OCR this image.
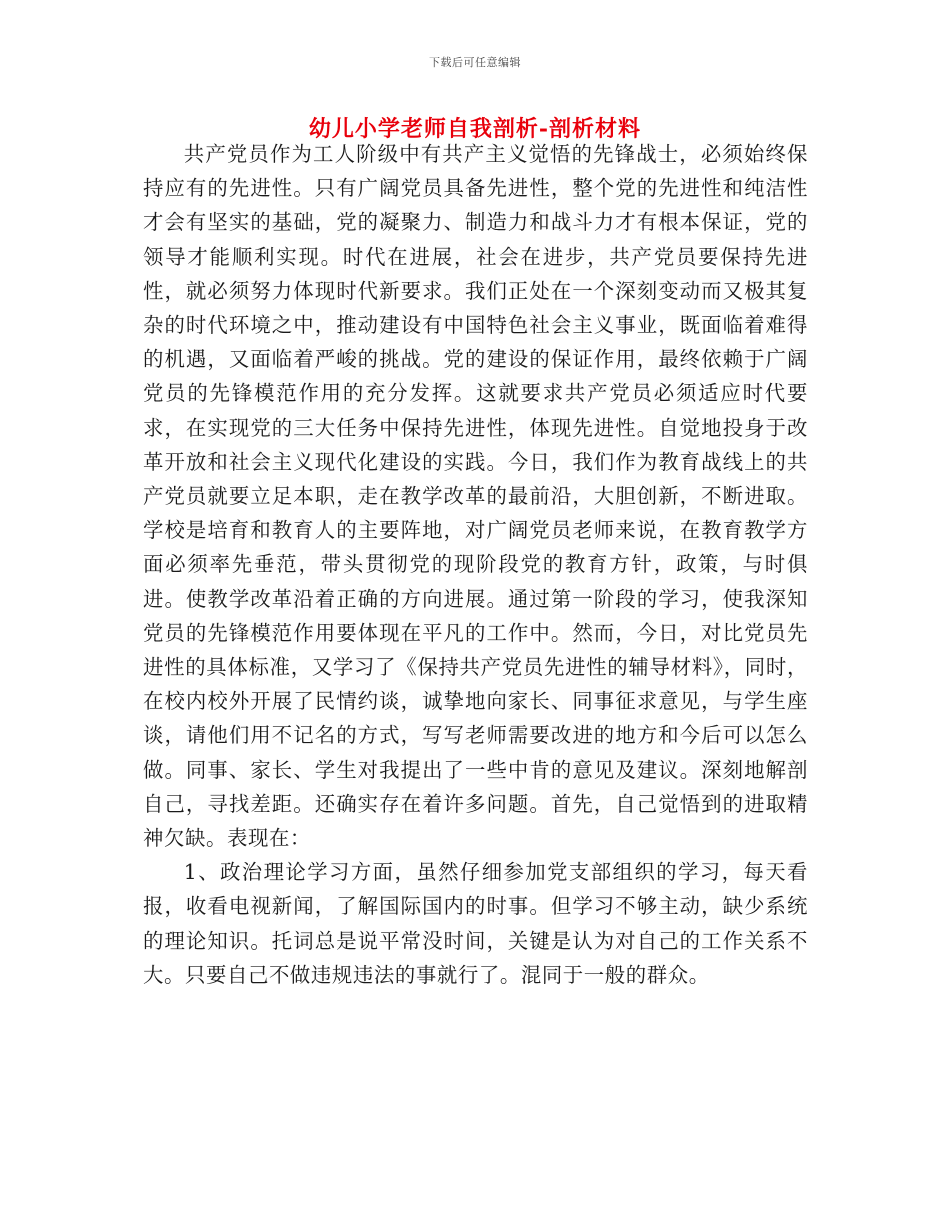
下载后可任意编辑
幼儿小学老师自我剖析-剖析材料

共产党员作为工人阶级中有共产主义觉悟的先锋战士，必须始终保持应有的先进性。只有广阔党员具备先进性，整个党的先进性和纯洁性才会有坚实的基础，党的凝聚力、制造力和战斗力才有根本保证，党的领导才能顺利实现。时代在进展，社会在进步，共产党员要保持先进性，就必须努力体现时代新要求。我们正处在一个深刻变动而又极其复杂的时代环境之中，推动建设有中国特色社会主义事业，既面临着难得的机遇，又面临着严峻的挑战。党的建设的保证作用，最终依赖于广阔党员的先锋模范作用的充分发挥。这就要求共产党员必须适应时代要求，在实现党的三大任务中保持先进性，体现先进性。自觉地投身于改革开放和社会主义现代化建设的实践。今日，我们作为教育战线上的共产党员就要立足本职，走在教学改革的最前沿，大胆创新，不断进取。学校是培育和教育人的主要阵地，对广阔党员老师来说，在教育教学方面必须率先垂范，带头贯彻党的现阶段党的教育方针，政策，与时俱进。使教学改革沿着正确的方向进展。通过第一阶段的学习，使我深知党员的先锋模范作用要体现在平凡的工作中。然而，今日，对比党员先进性的具体标准，又学习了《保持共产党员先进性的辅导材料》，同时，在校内校外开展了民情约谈，诚挚地向家长、同事征求意见，与学生座谈，请他们用不记名的方式，写写老师需要改进的地方和今后可以怎么做。同事、家长、学生对我提出了一些中肯的意见及建议。深刻地解剖自己，寻找差距。还确实存在着许多问题。首先，自己觉悟到的进取精神欠缺。表现在：

1、政治理论学习方面，虽然仔细参加党支部组织的学习，每天看报，收看电视新闻，了解国际国内的时事。但学习不够主动，缺少系统的理论知识。托词总是说平常没时间，关键是认为对自己的工作关系不大。只要自己不做违规违法的事就行了。混同于一般的群众。
